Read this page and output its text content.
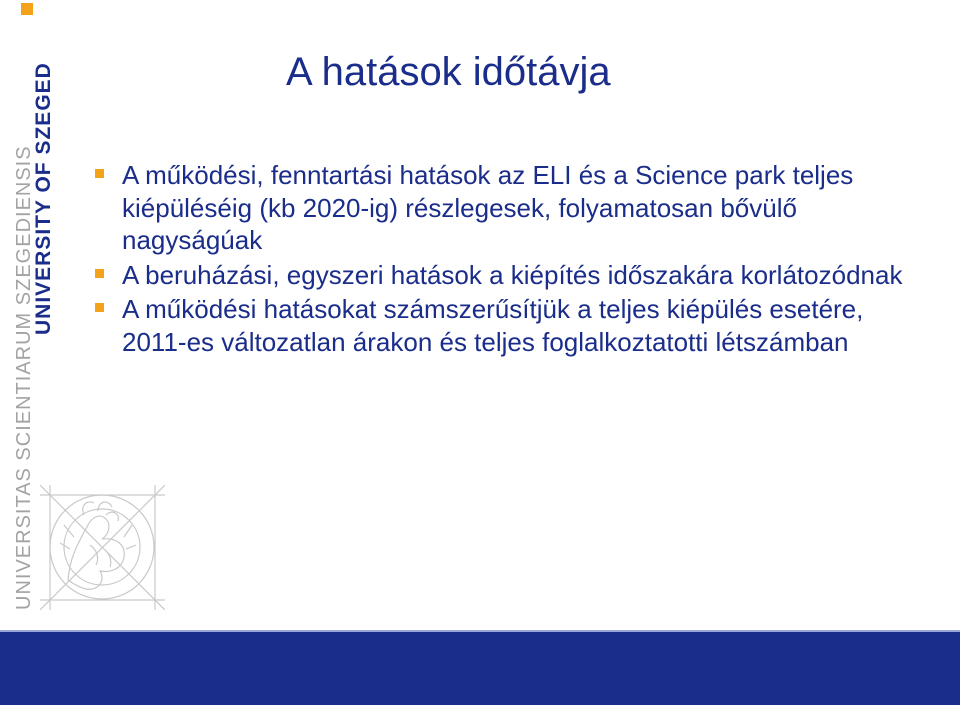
UNIVERSITY OF SZEGED
UNIVERSITAS SCIENTIARUM SZEGEDIENSIS
A hatások időtávja
A működési, fenntartási hatások az ELI és a Science park teljes kiépüléséig (kb 2020-ig) részlegesek, folyamatosan bővülő nagyságúak
A beruházási, egyszeri hatások a kiépítés időszakára korlátozódnak
A működési hatásokat számszerűsítjük a teljes kiépülés esetére, 2011-es változatlan árakon és teljes foglalkoztatotti létszámban
